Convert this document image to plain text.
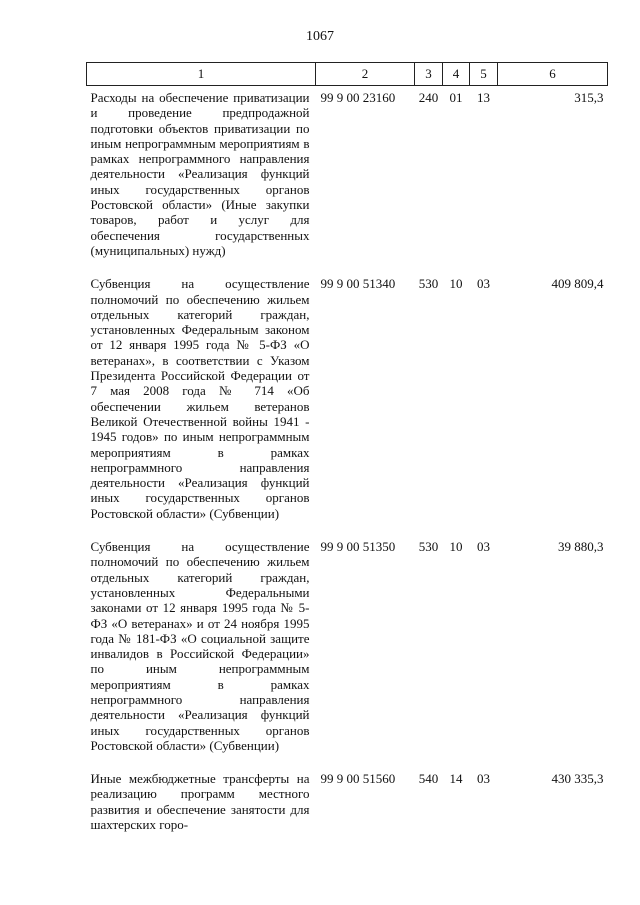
1067
1	2	3	4	5	6
Расходы на обеспечение приватизации и проведение предпродажной подготовки объектов приватизации по иным непрограммным мероприятиям в рамках непрограммного направления деятельности «Реализация функций иных государственных органов Ростовской области» (Иные закупки товаров, работ и услуг для обеспечения государственных (муниципальных) нужд)	99 9 00 23160	240	01	13	315,3
Субвенция на осуществление полномочий по обеспечению жильем отдельных категорий граждан, установленных Федеральным законом от 12 января 1995 года № 5-ФЗ «О ветеранах», в соответствии с Указом Президента Российской Федерации от 7 мая 2008 года № 714 «Об обеспечении жильем ветеранов Великой Отечественной войны 1941 - 1945 годов» по иным непрограммным мероприятиям в рамках непрограммного направления деятельности «Реализация функций иных государственных органов Ростовской области» (Субвенции)	99 9 00 51340	530	10	03	409 809,4
Субвенция на осуществление полномочий по обеспечению жильем отдельных категорий граждан, установленных Федеральными законами от 12 января 1995 года № 5-ФЗ «О ветеранах» и от 24 ноября 1995 года № 181-ФЗ «О социальной защите инвалидов в Российской Федерации» по иным непрограммным мероприятиям в рамках непрограммного направления деятельности «Реализация функций иных государственных органов Ростовской области» (Субвенции)	99 9 00 51350	530	10	03	39 880,3
Иные межбюджетные трансферты на реализацию программ местного развития и обеспечение занятости для шахтерских горо-	99 9 00 51560	540	14	03	430 335,3
